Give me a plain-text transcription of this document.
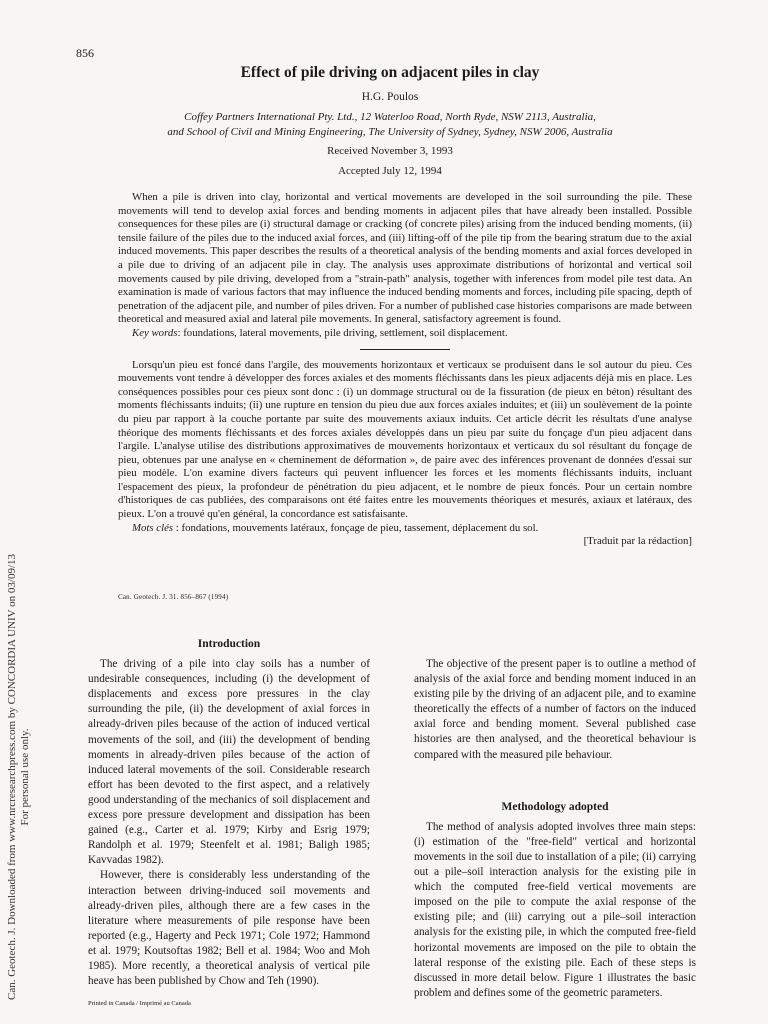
856
Effect of pile driving on adjacent piles in clay
H.G. Poulos
Coffey Partners International Pty. Ltd., 12 Waterloo Road, North Ryde, NSW 2113, Australia,
and School of Civil and Mining Engineering, The University of Sydney, Sydney, NSW 2006, Australia
Received November 3, 1993
Accepted July 12, 1994

When a pile is driven into clay, horizontal and vertical movements are developed in the soil surrounding the pile. These movements will tend to develop axial forces and bending moments in adjacent piles that have already been installed. Possible consequences for these piles are (i) structural damage or cracking (of concrete piles) arising from the induced bending moments, (ii) tensile failure of the piles due to the induced axial forces, and (iii) lifting-off of the pile tip from the bearing stratum due to the axial induced movements. This paper describes the results of a theoretical analysis of the bending moments and axial forces developed in a pile due to driving of an adjacent pile in clay. The analysis uses approximate distributions of horizontal and vertical soil movements caused by pile driving, developed from a "strain-path" analysis, together with inferences from model pile test data. An examination is made of various factors that may influence the induced bending moments and forces, including pile spacing, depth of penetration of the adjacent pile, and number of piles driven. For a number of published case histories comparisons are made between theoretical and measured axial and lateral pile movements. In general, satisfactory agreement is found.

Key words: foundations, lateral movements, pile driving, settlement, soil displacement.

Lorsqu'un pieu est foncé dans l'argile, des mouvements horizontaux et verticaux se produisent dans le sol autour du pieu. Ces mouvements vont tendre à développer des forces axiales et des moments fléchissants dans les pieux adjacents déjà mis en place. Les conséquences possibles pour ces pieux sont donc : (i) un dommage structural ou de la fissuration (de pieux en béton) résultant des moments fléchissants induits; (ii) une rupture en tension du pieu due aux forces axiales induites; et (iii) un soulèvement de la pointe du pieu par rapport à la couche portante par suite des mouvements axiaux induits. Cet article décrit les résultats d'une analyse théorique des moments fléchissants et des forces axiales développés dans un pieu par suite du fonçage d'un pieu adjacent dans l'argile. L'analyse utilise des distributions approximatives de mouvements horizontaux et verticaux du sol résultant du fonçage de pieu, obtenues par une analyse en « cheminement de déformation », de paire avec des inférences provenant de données d'essai sur pieu modèle. L'on examine divers facteurs qui peuvent influencer les forces et les moments fléchissants induits, incluant l'espacement des pieux, la profondeur de pénétration du pieu adjacent, et le nombre de pieux foncés. Pour un certain nombre d'historiques de cas publiées, des comparaisons ont été faites entre les mouvements théoriques et mesurés, axiaux et latéraux, des pieux. L'on a trouvé qu'en général, la concordance est satisfaisante.

Mots clés : fondations, mouvements latéraux, fonçage de pieu, tassement, déplacement du sol.

[Traduit par la rédaction]

Can. Geotech. J. 31. 856–867 (1994)
Introduction

The driving of a pile into clay soils has a number of undesirable consequences, including (i) the development of displacements and excess pore pressures in the clay surrounding the pile, (ii) the development of axial forces in already-driven piles because of the action of induced vertical movements of the soil, and (iii) the development of bending moments in already-driven piles because of the action of induced lateral movements of the soil. Considerable research effort has been devoted to the first aspect, and a relatively good understanding of the mechanics of soil displacement and excess pore pressure development and dissipation has been gained (e.g., Carter et al. 1979; Kirby and Esrig 1979; Randolph et al. 1979; Steenfelt et al. 1981; Baligh 1985; Kavvadas 1982).

However, there is considerably less understanding of the interaction between driving-induced soil movements and already-driven piles, although there are a few cases in the literature where measurements of pile response have been reported (e.g., Hagerty and Peck 1971; Cole 1972; Hammond et al. 1979; Koutsoftas 1982; Bell et al. 1984; Woo and Moh 1985). More recently, a theoretical analysis of vertical pile heave has been published by Chow and Teh (1990).

The objective of the present paper is to outline a method of analysis of the axial force and bending moment induced in an existing pile by the driving of an adjacent pile, and to examine theoretically the effects of a number of factors on the induced axial force and bending moment. Several published case histories are then analysed, and the theoretical behaviour is compared with the measured pile behaviour.

Methodology adopted

The method of analysis adopted involves three main steps: (i) estimation of the "free-field" vertical and horizontal movements in the soil due to installation of a pile; (ii) carrying out a pile–soil interaction analysis for the existing pile in which the computed free-field vertical movements are imposed on the pile to compute the axial response of the existing pile; and (iii) carrying out a pile–soil interaction analysis for the existing pile, in which the computed free-field horizontal movements are imposed on the pile to obtain the lateral response of the existing pile. Each of these steps is discussed in more detail below. Figure 1 illustrates the basic problem and defines some of the geometric parameters.

Printed in Canada / Imprimé au Canada
Can. Geotech. J. Downloaded from www.nrcresearchpress.com by CONCORDIA UNIV on 03/09/13 For personal use only.
